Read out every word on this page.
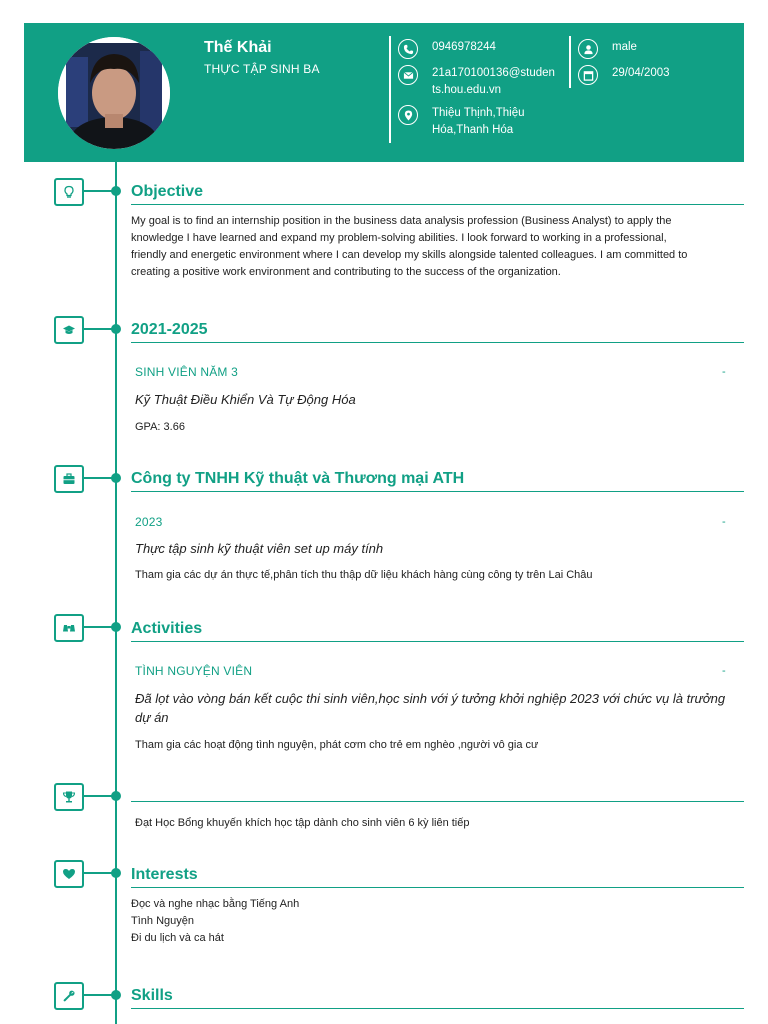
Thế Khải
THỰC TẬP SINH BA
0946978244
21a170100136@studen
ts.hou.edu.vn
Thiệu Thịnh,Thiệu
Hóa,Thanh Hóa
male
29/04/2003
Objective
My goal is to find an internship position in the business data analysis profession (Business Analyst) to apply the
knowledge I have learned and expand my problem-solving abilities. I look forward to working in a professional,
friendly and energetic environment where I can develop my skills alongside talented colleagues. I am committed to
creating a positive work environment and contributing to the success of the organization.
2021-2025
SINH VIÊN NĂM 3	-
Kỹ Thuật Điều Khiển Và Tự Động Hóa
GPA: 3.66
Công ty TNHH Kỹ thuật và Thương mại ATH
2023	-
Thực tập sinh kỹ thuật viên set up máy tính
Tham gia các dự án thực tế,phân tích thu thập dữ liệu khách hàng cùng công ty trên Lai Châu
Activities
TÌNH NGUYỆN VIÊN	-
Đã lọt vào vòng bán kết cuộc thi sinh viên,học sinh với ý tưởng khởi nghiệp 2023 với chức vụ là trưởng
dự án
Tham gia các hoạt động tình nguyện, phát cơm cho trẻ em nghèo ,người vô gia cư
Đạt Học Bổng khuyến khích học tập dành cho sinh viên 6 kỳ liên tiếp
Interests
Đọc và nghe nhạc bằng Tiếng Anh
Tình Nguyện
Đi du lịch và ca hát
Skills
